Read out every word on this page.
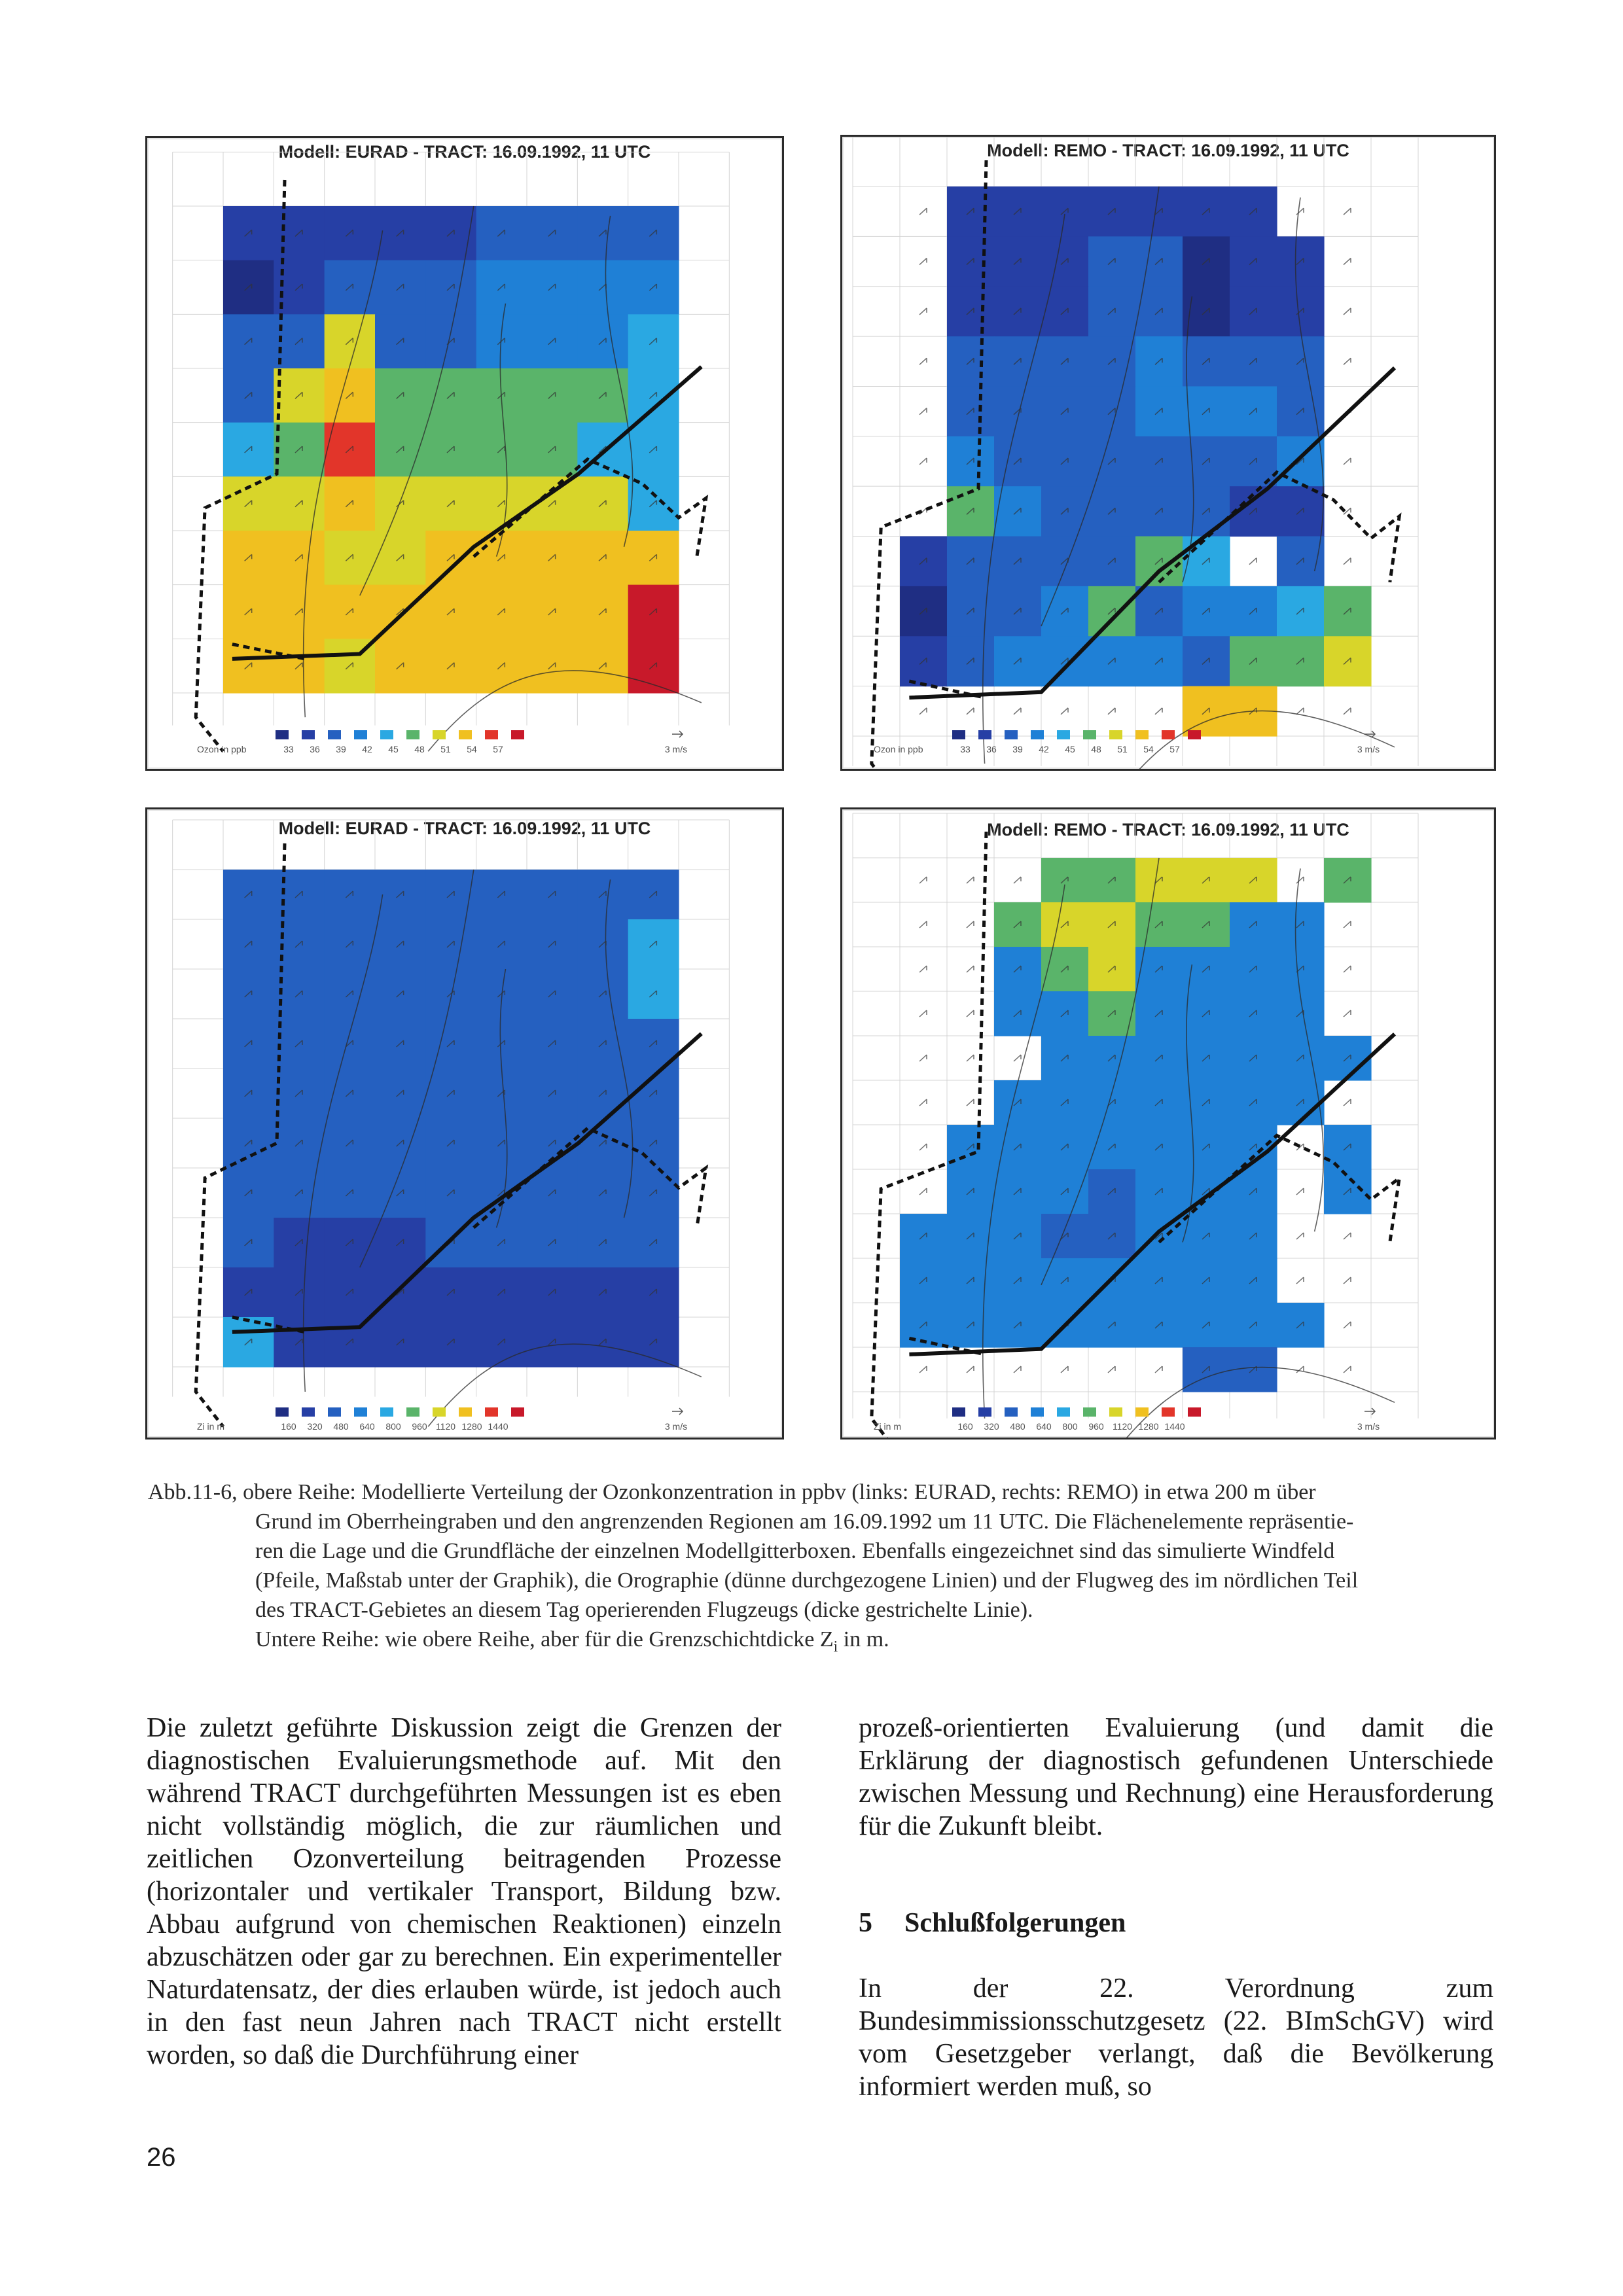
Modell: EURAD - TRACT: 16.09.1992, 11 UTC
Ozon in ppb	33 36 39 42 45 48 51 54 57	3 m/s
Modell: REMO - TRACT: 16.09.1992, 11 UTC
Ozon in ppb	33 36 39 42 45 48 51 54 57	3 m/s
Modell: EURAD - TRACT: 16.09.1992, 11 UTC
Zi in m	160 320 480 640 800 960 1120 1280 1440	3 m/s
Modell: REMO - TRACT: 16.09.1992, 11 UTC
Zi in m	160 320 480 640 800 960 1120 1280 1440	3 m/s

Abb.11-6, obere Reihe: Modellierte Verteilung der Ozonkonzentration in ppbv (links: EURAD, rechts: REMO) in etwa 200 m über

Grund im Oberrheingraben und den angrenzenden Regionen am 16.09.1992 um 11 UTC. Die Flächenelemente repräsentie-

ren die Lage und die Grundfläche der einzelnen Modellgitterboxen. Ebenfalls eingezeichnet sind das simulierte Windfeld

(Pfeile, Maßstab unter der Graphik), die Orographie (dünne durchgezogene Linien) und der Flugweg des im nördlichen Teil

des TRACT-Gebietes an diesem Tag operierenden Flugzeugs (dicke gestrichelte Linie).

Untere Reihe: wie obere Reihe, aber für die Grenzschichtdicke $Z_i$ in m.

Die zuletzt geführte Diskussion zeigt die Grenzen der diagnostischen Evaluierungsmethode auf. Mit den während TRACT durchgeführten Messungen ist es eben nicht vollständig möglich, die zur räumlichen und zeitlichen Ozonverteilung beitragenden Prozesse (horizontaler und vertikaler Transport, Bildung bzw. Abbau aufgrund von chemischen Reaktionen) einzeln abzuschätzen oder gar zu berechnen. Ein experimenteller Naturdatensatz, der dies erlauben würde, ist jedoch auch in den fast neun Jahren nach TRACT nicht erstellt worden, so daß die Durchführung einer

prozeß-orientierten Evaluierung (und damit die Erklärung der diagnostisch gefundenen Unterschiede zwischen Messung und Rechnung) eine Herausforderung für die Zukunft bleibt.

5 Schlußfolgerungen

In der 22. Verordnung zum Bundesimmissionsschutzgesetz (22. BImSchGV) wird vom Gesetzgeber verlangt, daß die Bevölkerung informiert werden muß, so

26
